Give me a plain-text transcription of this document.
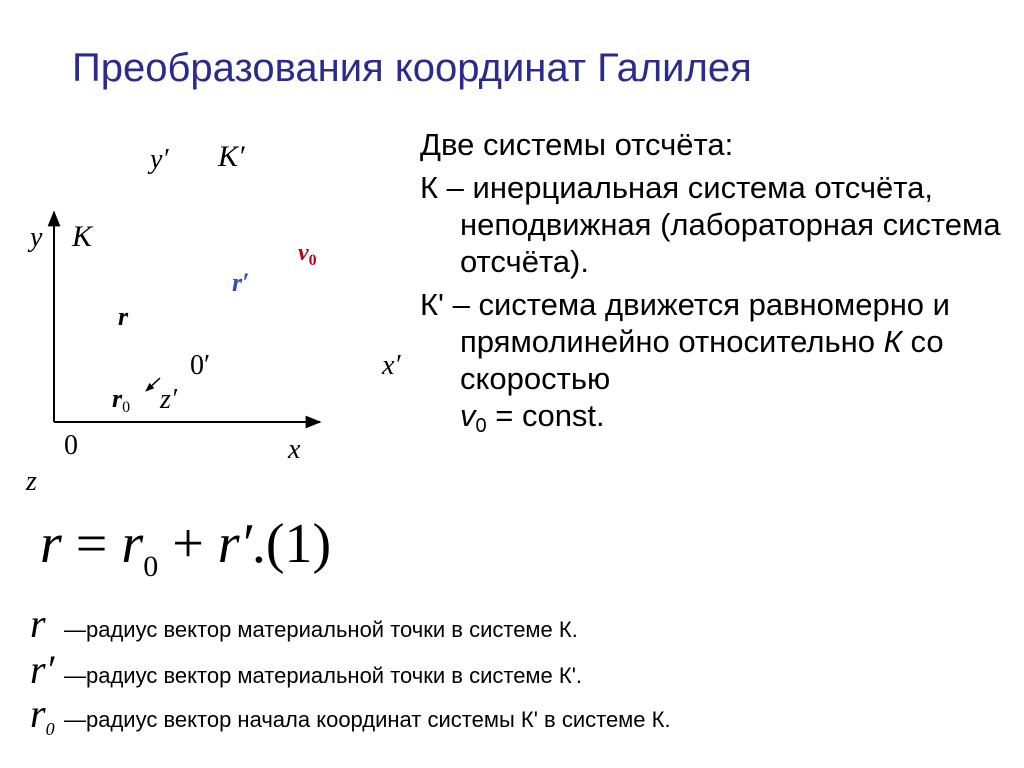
Преобразования координат Галилея
y′ K′
y K	$v_0$
r′
r
0′	x′
r0 z′
0	x
z

Две системы отсчёта:

К – инерциальная система отсчёта, неподвижная (лабораторная система отсчёта).

К' – система движется равномерно и прямолинейно относительно К со скоростью
$v_0$ = const.

$r = r_0 + r'.(1)$
r —радиус вектор материальной точки в системе К.
r′ —радиус вектор материальной точки в системе К'.
$r_0$ —радиус вектор начала координат системы К' в системе К.
